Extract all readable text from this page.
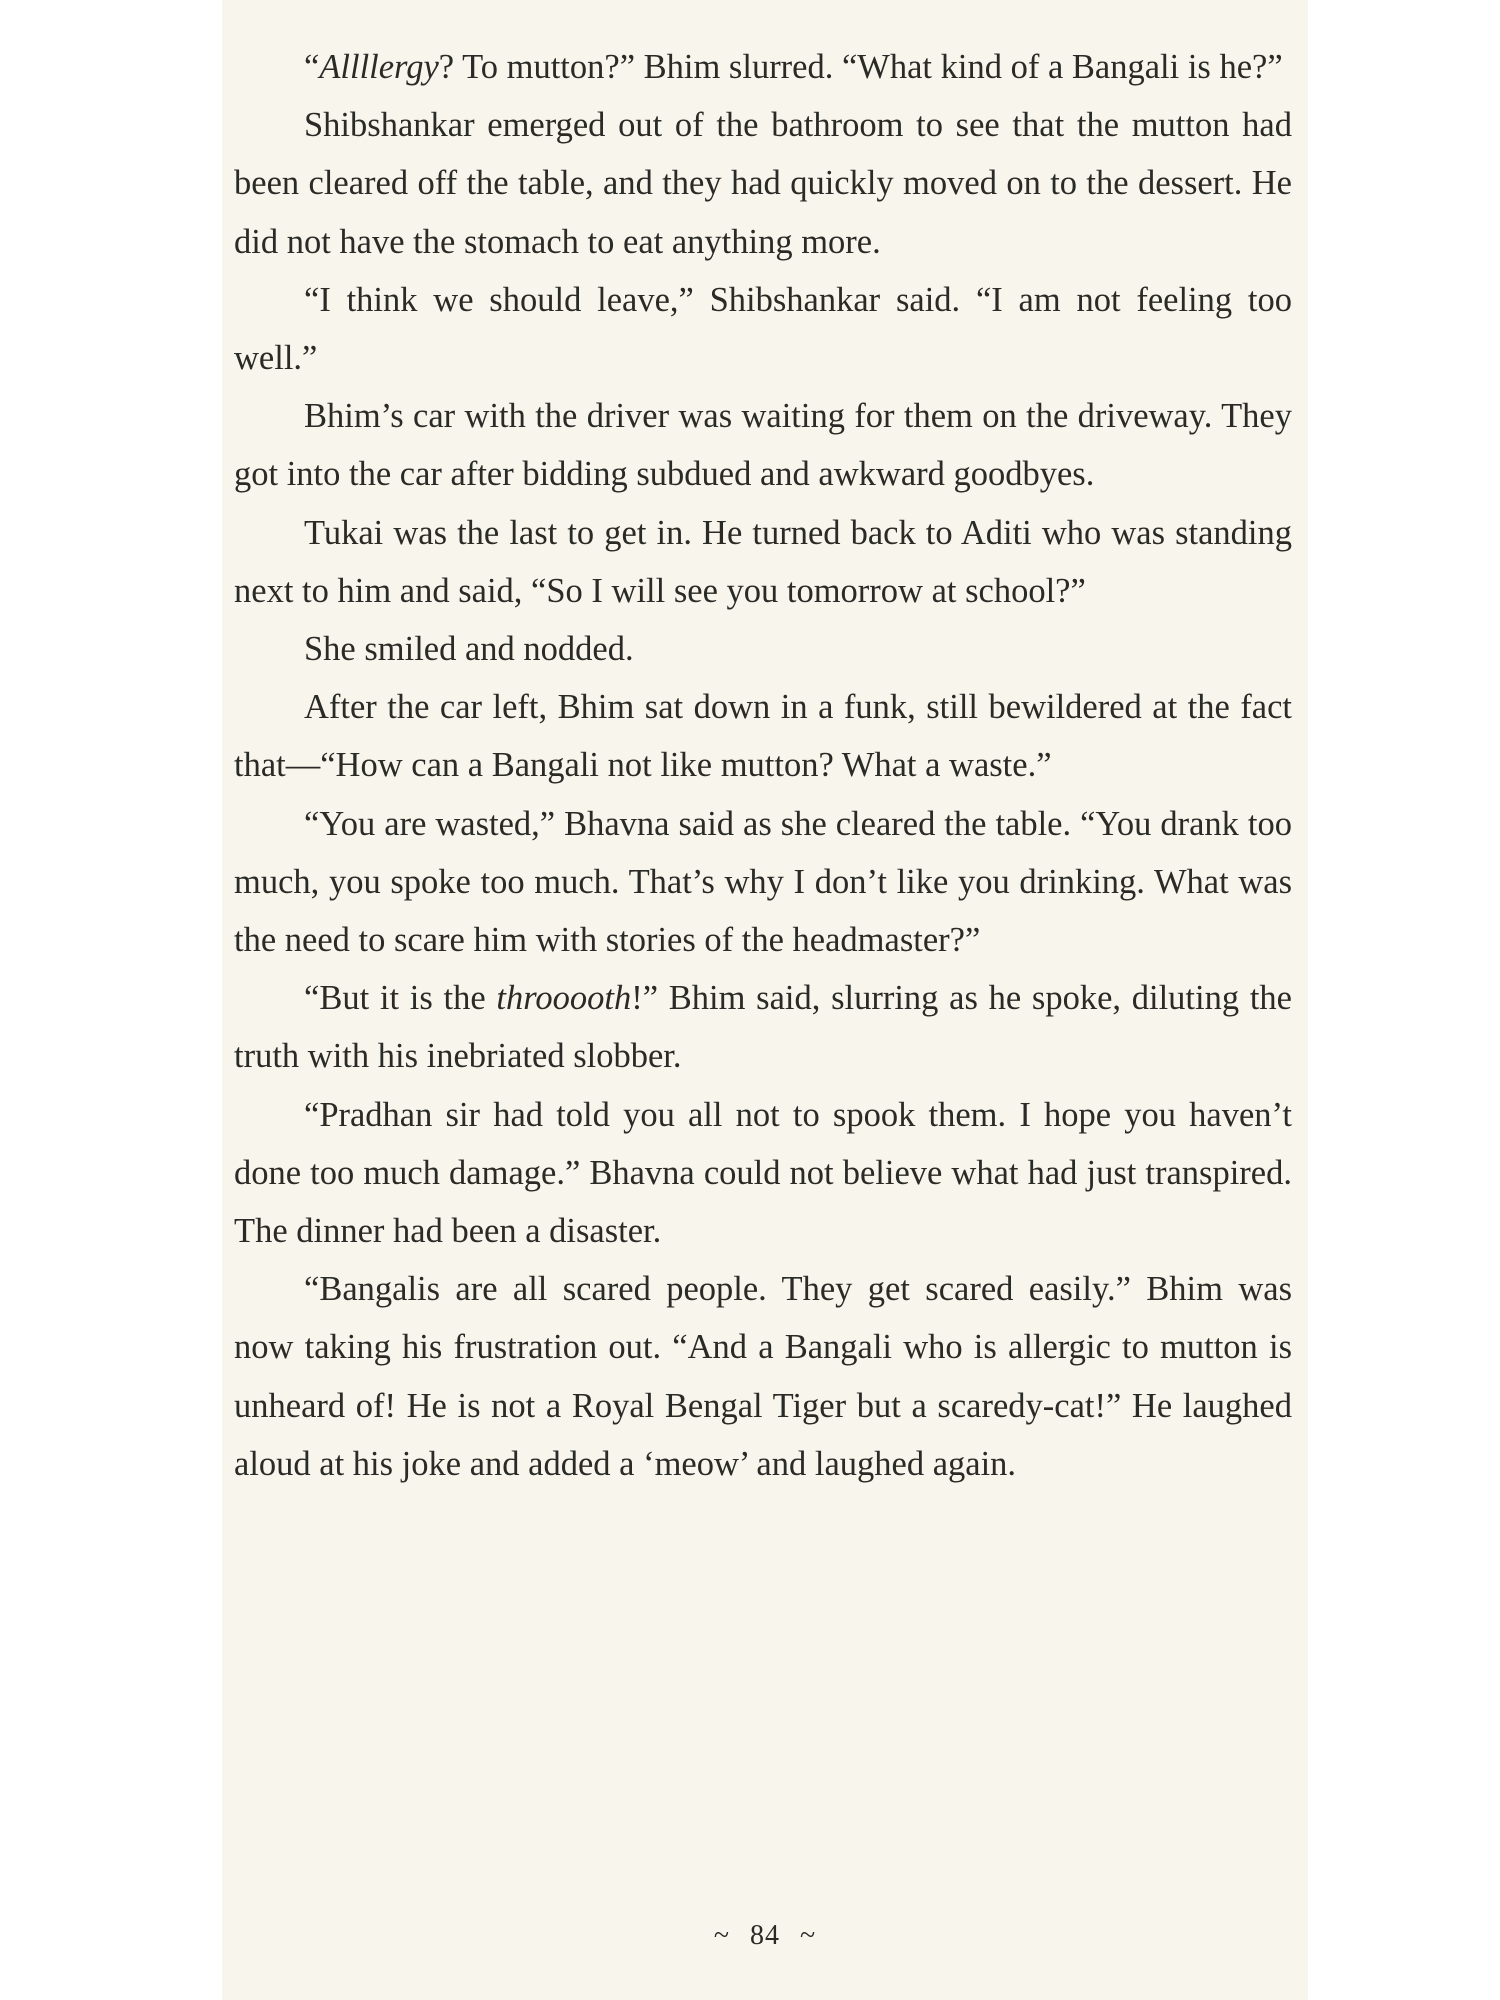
“Allllergy? To mutton?” Bhim slurred. “What kind of a Bangali is he?”

Shibshankar emerged out of the bathroom to see that the mutton had been cleared off the table, and they had quickly moved on to the dessert. He did not have the stomach to eat anything more.

“I think we should leave,” Shibshankar said. “I am not feeling too well.”

Bhim’s car with the driver was waiting for them on the driveway. They got into the car after bidding subdued and awkward goodbyes.

Tukai was the last to get in. He turned back to Aditi who was standing next to him and said, “So I will see you tomorrow at school?”

She smiled and nodded.

After the car left, Bhim sat down in a funk, still bewildered at the fact that—“How can a Bangali not like mutton? What a waste.”

“You are wasted,” Bhavna said as she cleared the table. “You drank too much, you spoke too much. That’s why I don’t like you drinking. What was the need to scare him with stories of the headmaster?”

“But it is the throoooth!” Bhim said, slurring as he spoke, diluting the truth with his inebriated slobber.

“Pradhan sir had told you all not to spook them. I hope you haven’t done too much damage.” Bhavna could not believe what had just transpired. The dinner had been a disaster.

“Bangalis are all scared people. They get scared easily.” Bhim was now taking his frustration out. “And a Bangali who is allergic to mutton is unheard of! He is not a Royal Bengal Tiger but a scaredy-cat!” He laughed aloud at his joke and added a ‘meow’ and laughed again.

~ 84 ~
